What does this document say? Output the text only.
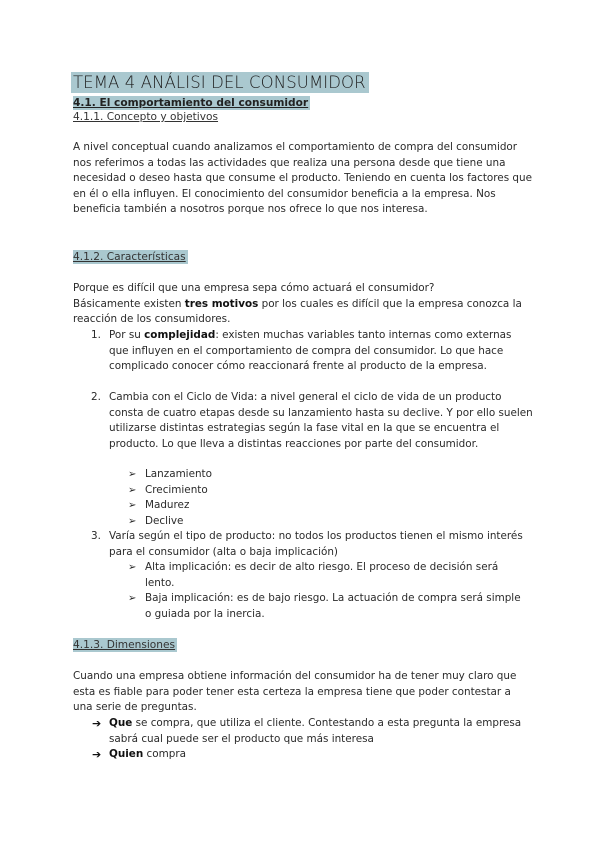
TEMA 4 ANÁLISI DEL CONSUMIDOR
4.1. El comportamiento del consumidor
4.1.1. Concepto y objetivos
A nivel conceptual cuando analizamos el comportamiento de compra del consumidor nos referimos a todas las actividades que realiza una persona desde que tiene una necesidad o deseo hasta que consume el producto. Teniendo en cuenta los factores que en él o ella influyen. El conocimiento del consumidor beneficia a la empresa. Nos beneficia también a nosotros porque nos ofrece lo que nos interesa.
4.1.2. Características
Porque es difícil que una empresa sepa cómo actuará el consumidor?
Básicamente existen tres motivos por los cuales es difícil que la empresa conozca la reacción de los consumidores.
1. Por su complejidad: existen muchas variables tanto internas como externas que influyen en el comportamiento de compra del consumidor. Lo que hace complicado conocer cómo reaccionará frente al producto de la empresa.
2. Cambia con el Ciclo de Vida: a nivel general el ciclo de vida de un producto consta de cuatro etapas desde su lanzamiento hasta su declive. Y por ello suelen utilizarse distintas estrategias según la fase vital en la que se encuentra el producto. Lo que lleva a distintas reacciones por parte del consumidor.
➢ Lanzamiento
➢ Crecimiento
➢ Madurez
➢ Declive
3. Varía según el tipo de producto: no todos los productos tienen el mismo interés para el consumidor (alta o baja implicación)
➢ Alta implicación: es decir de alto riesgo. El proceso de decisión será lento.
➢ Baja implicación: es de bajo riesgo. La actuación de compra será simple o guiada por la inercia.
4.1.3. Dimensiones
Cuando una empresa obtiene información del consumidor ha de tener muy claro que esta es fiable para poder tener esta certeza la empresa tiene que poder contestar a una serie de preguntas.
➔ Que se compra, que utiliza el cliente. Contestando a esta pregunta la empresa sabrá cual puede ser el producto que más interesa
➔ Quien compra
